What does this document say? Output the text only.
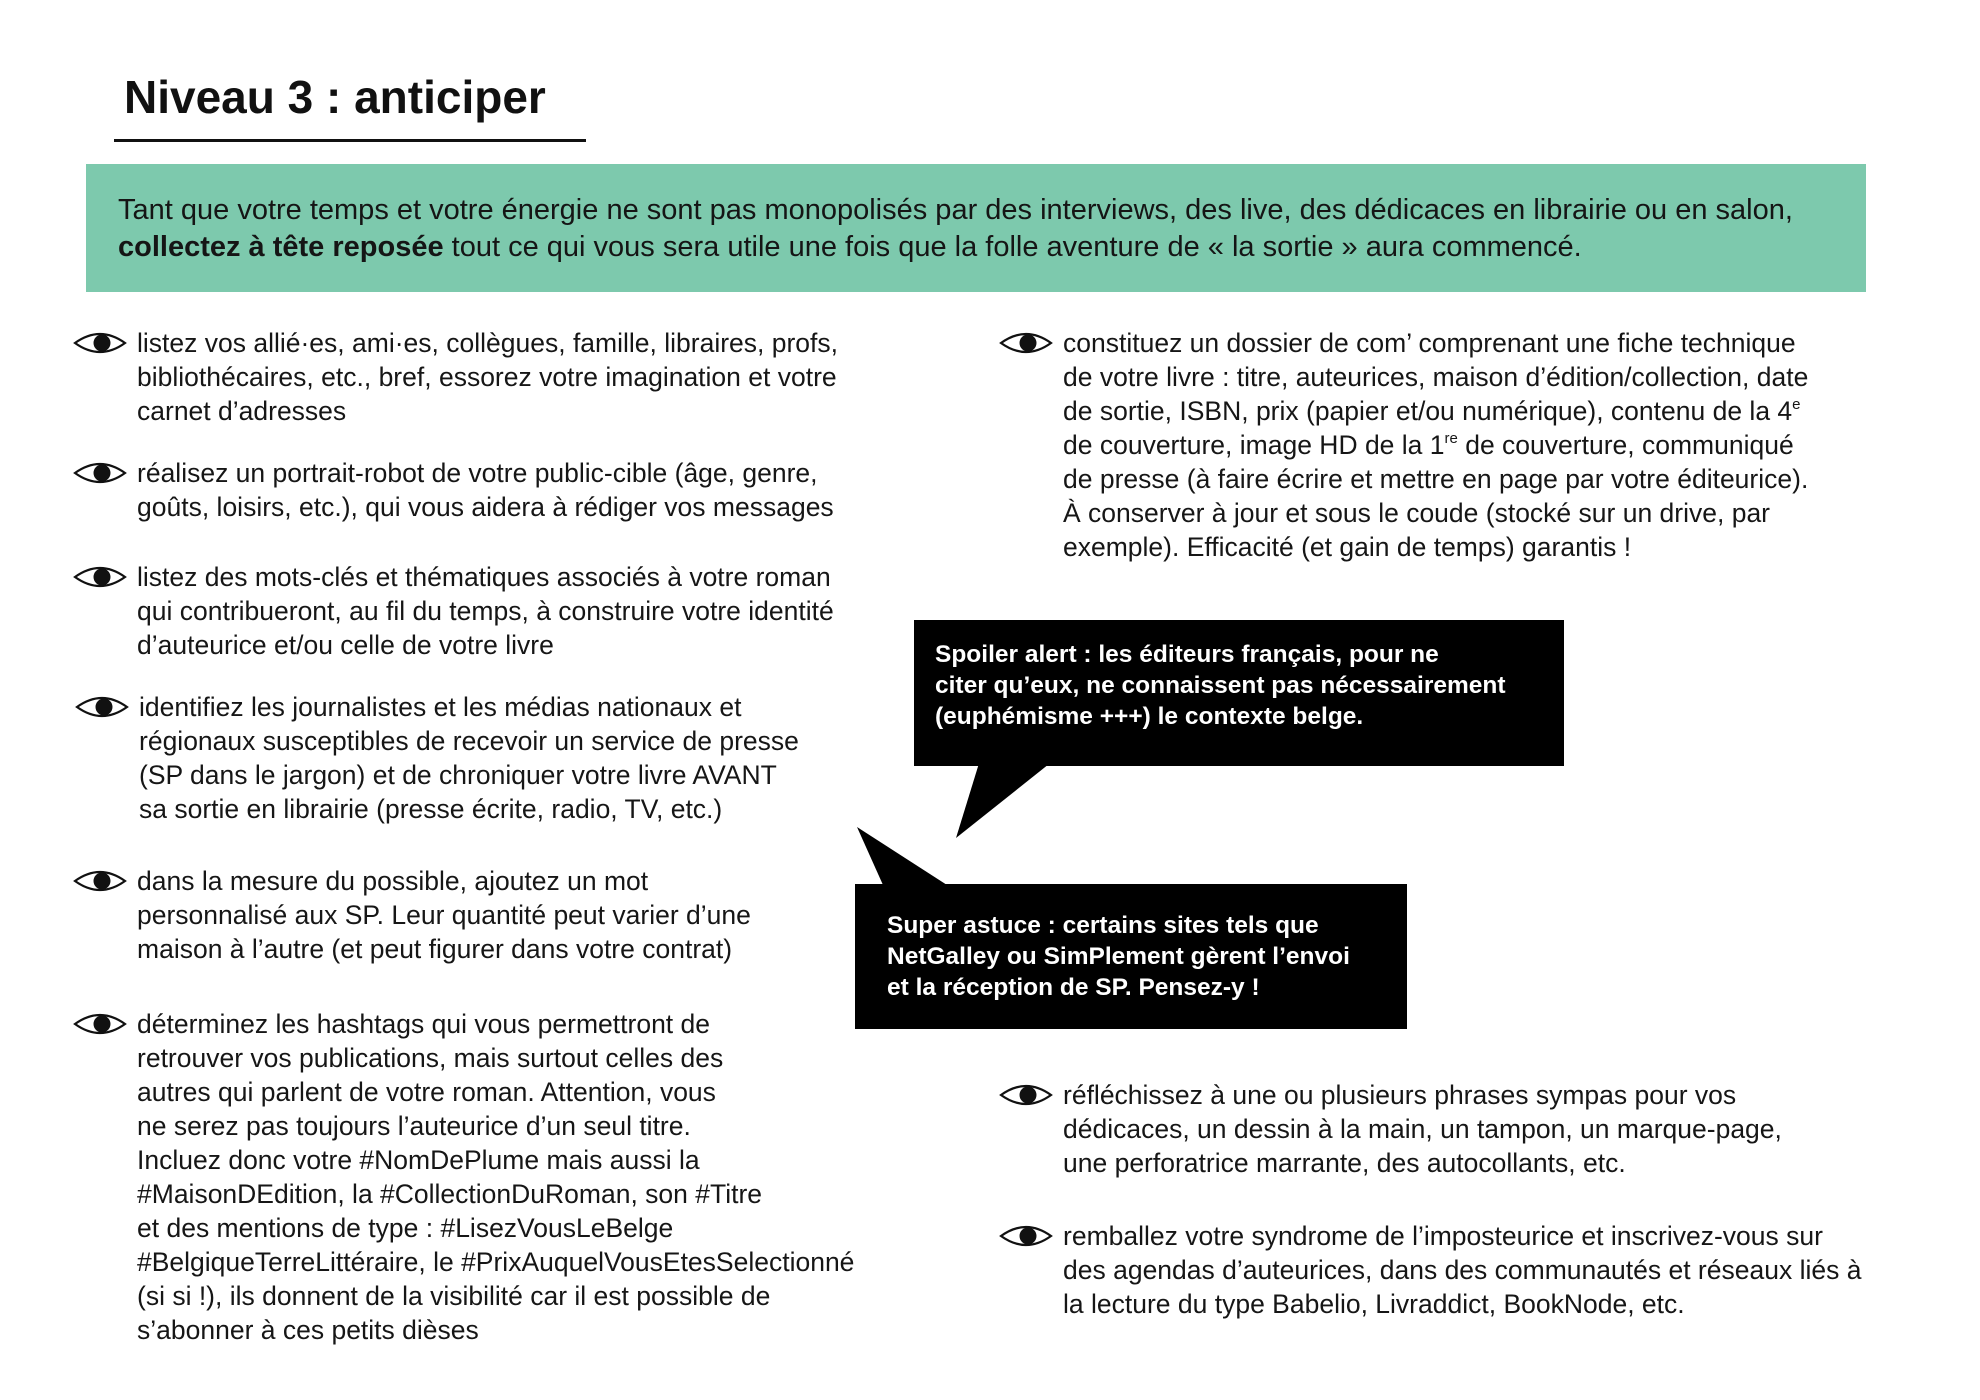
Niveau 3 : anticiper
Tant que votre temps et votre énergie ne sont pas monopolisés par des interviews, des live, des dédicaces en librairie ou en salon, collectez à tête reposée tout ce qui vous sera utile une fois que la folle aventure de « la sortie » aura commencé.
listez vos allié·es, ami·es, collègues, famille, libraires, profs,
bibliothécaires, etc., bref, essorez votre imagination et votre
carnet d’adresses
réalisez un portrait-robot de votre public-cible (âge, genre,
goûts, loisirs, etc.), qui vous aidera à rédiger vos messages
listez des mots-clés et thématiques associés à votre roman
qui contribueront, au fil du temps, à construire votre identité
d’auteurice et/ou celle de votre livre
identifiez les journalistes et les médias nationaux et
régionaux susceptibles de recevoir un service de presse
(SP dans le jargon) et de chroniquer votre livre AVANT
sa sortie en librairie (presse écrite, radio, TV, etc.)
dans la mesure du possible, ajoutez un mot
personnalisé aux SP. Leur quantité peut varier d’une
maison à l’autre (et peut figurer dans votre contrat)
déterminez les hashtags qui vous permettront de
retrouver vos publications, mais surtout celles des
autres qui parlent de votre roman. Attention, vous
ne serez pas toujours l’auteurice d’un seul titre.
Incluez donc votre #NomDePlume mais aussi la
#MaisonDEdition, la #CollectionDuRoman, son #Titre
et des mentions de type : #LisezVousLeBelge
#BelgiqueTerreLittéraire, le #PrixAuquelVousEtesSelectionné
(si si !), ils donnent de la visibilité car il est possible de
s’abonner à ces petits dièses
constituez un dossier de com’ comprenant une fiche technique
de votre livre : titre, auteurices, maison d’édition/collection, date
de sortie, ISBN, prix (papier et/ou numérique), contenu de la 4e
de couverture, image HD de la 1re de couverture, communiqué
de presse (à faire écrire et mettre en page par votre éditeurice).
À conserver à jour et sous le coude (stocké sur un drive, par
exemple). Efficacité (et gain de temps) garantis !
réfléchissez à une ou plusieurs phrases sympas pour vos
dédicaces, un dessin à la main, un tampon, un marque-page,
une perforatrice marrante, des autocollants, etc.
remballez votre syndrome de l’imposteurice et inscrivez-vous sur
des agendas d’auteurices, dans des communautés et réseaux liés à
la lecture du type Babelio, Livraddict, BookNode, etc.
Spoiler alert : les éditeurs français, pour ne
citer qu’eux, ne connaissent pas nécessairement
(euphémisme +++) le contexte belge.
Super astuce : certains sites tels que
NetGalley ou SimPlement gèrent l’envoi
et la réception de SP. Pensez-y !
